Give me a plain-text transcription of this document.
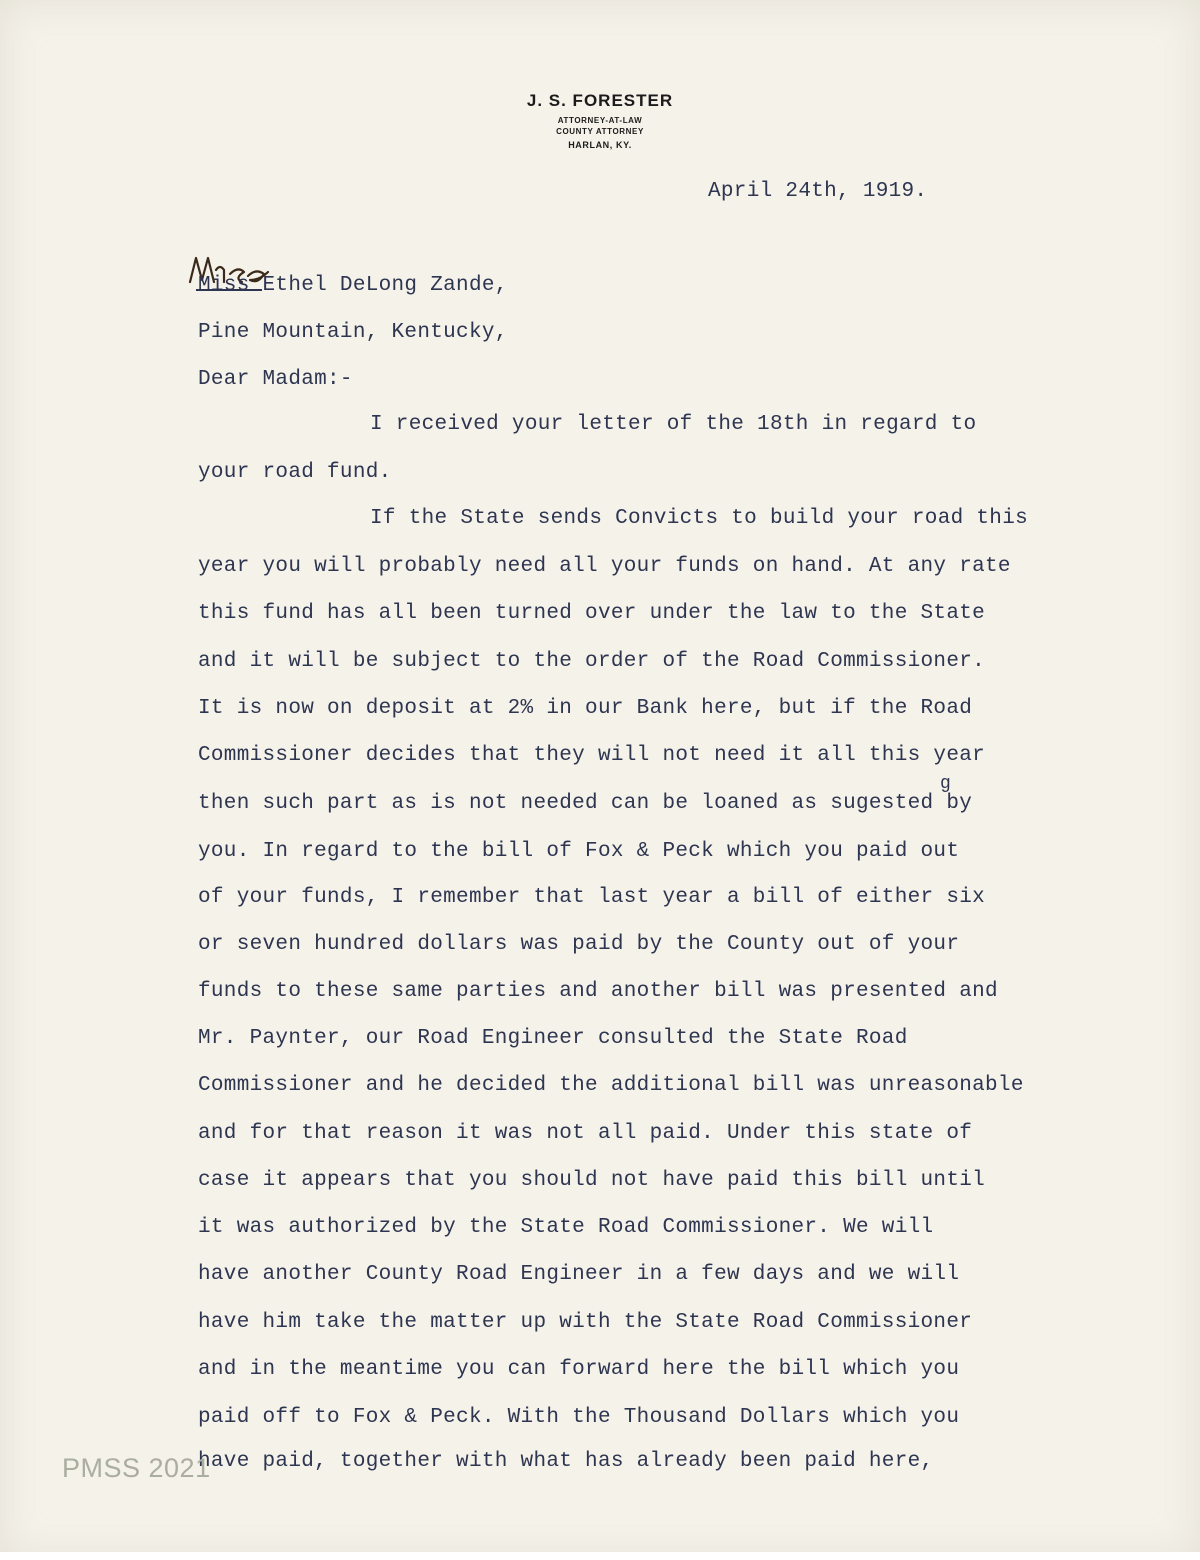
J. S. FORESTER
ATTORNEY-AT-LAW
COUNTY ATTORNEY
HARLAN, KY.

April 24th, 1919.

Miss Ethel DeLong Zande,

Pine Mountain, Kentucky,

Dear Madam:-

I received your letter of the 18th in regard to

your road fund.

If the State sends Convicts to build your road this

year you will probably need all your funds on hand. At any rate

this fund has all been turned over under the law to the State

and it will be subject to the order of the Road Commissioner.

It is now on deposit at 2% in our Bank here, but if the Road

Commissioner decides that they will not need it all this year

g

then such part as is not needed can be loaned as sugested by

you. In regard to the bill of Fox & Peck which you paid out

of your funds, I remember that last year a bill of either six

or seven hundred dollars was paid by the County out of your

funds to these same parties and another bill was presented and

Mr. Paynter, our Road Engineer consulted the State Road

Commissioner and he decided the additional bill was unreasonable

and for that reason it was not all paid. Under this state of

case it appears that you should not have paid this bill until

it was authorized by the State Road Commissioner. We will

have another County Road Engineer in a few days and we will

have him take the matter up with the State Road Commissioner

and in the meantime you can forward here the bill which you

paid off to Fox & Peck. With the Thousand Dollars which you

have paid, together with what has already been paid here,

PMSS 2021
